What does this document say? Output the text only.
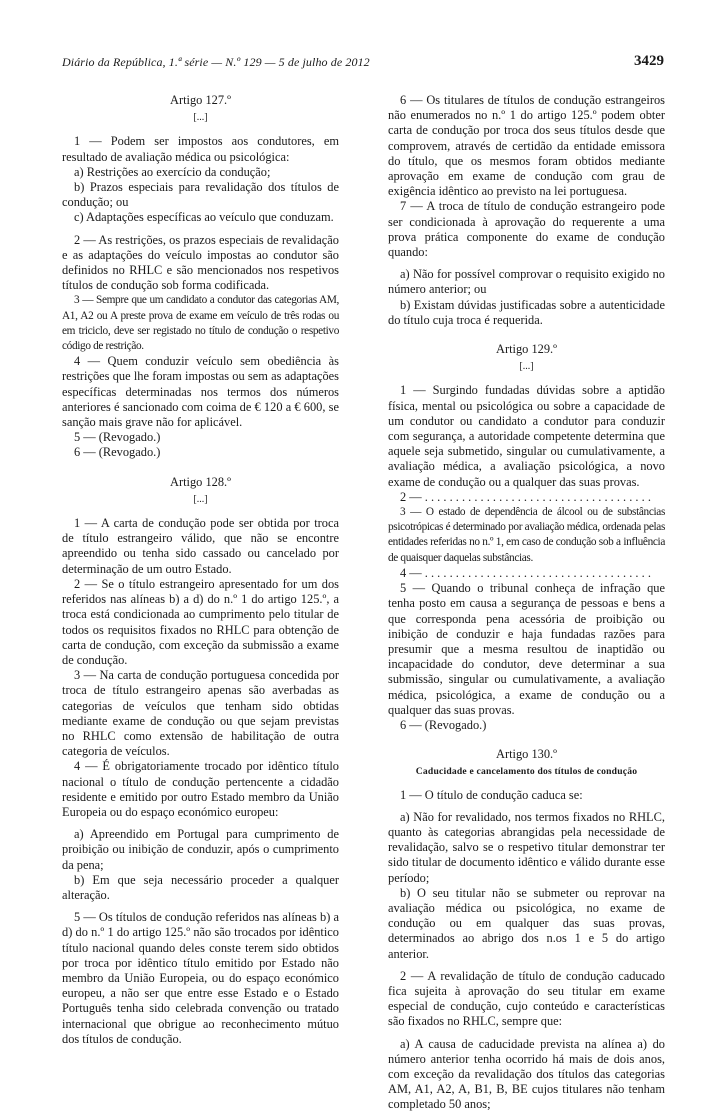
Diário da República, 1.ª série — N.º 129 — 5 de julho de 2012	3429
Artigo 127.º
[...]

1 — Podem ser impostos aos condutores, em resultado de avaliação médica ou psicológica:

a) Restrições ao exercício da condução;

b) Prazos especiais para revalidação dos títulos de condução; ou

c) Adaptações específicas ao veículo que conduzam.

2 — As restrições, os prazos especiais de revalidação e as adaptações do veículo impostas ao condutor são definidos no RHLC e são mencionados nos respetivos títulos de condução sob forma codificada.

3 — Sempre que um candidato a condutor das categorias AM, A1, A2 ou A preste prova de exame em veículo de três rodas ou em triciclo, deve ser registado no título de condução o respetivo código de restrição.

4 — Quem conduzir veículo sem obediência às restrições que lhe foram impostas ou sem as adaptações específicas determinadas nos termos dos números anteriores é sancionado com coima de € 120 a € 600, se sanção mais grave não for aplicável.

5 — (Revogado.)

6 — (Revogado.)

Artigo 128.º
[...]

1 — A carta de condução pode ser obtida por troca de título estrangeiro válido, que não se encontre apreendido ou tenha sido cassado ou cancelado por determinação de um outro Estado.

2 — Se o título estrangeiro apresentado for um dos referidos nas alíneas b) a d) do n.º 1 do artigo 125.º, a troca está condicionada ao cumprimento pelo titular de todos os requisitos fixados no RHLC para obtenção de carta de condução, com exceção da submissão a exame de condução.

3 — Na carta de condução portuguesa concedida por troca de título estrangeiro apenas são averbadas as categorias de veículos que tenham sido obtidas mediante exame de condução ou que sejam previstas no RHLC como extensão de habilitação de outra categoria de veículos.

4 — É obrigatoriamente trocado por idêntico título nacional o título de condução pertencente a cidadão residente e emitido por outro Estado membro da União Europeia ou do espaço económico europeu:

a) Apreendido em Portugal para cumprimento de proibição ou inibição de conduzir, após o cumprimento da pena;

b) Em que seja necessário proceder a qualquer alteração.

5 — Os títulos de condução referidos nas alíneas b) a d) do n.º 1 do artigo 125.º não são trocados por idêntico título nacional quando deles conste terem sido obtidos por troca por idêntico título emitido por Estado não membro da União Europeia, ou do espaço económico europeu, a não ser que entre esse Estado e o Estado Português tenha sido celebrada convenção ou tratado internacional que obrigue ao reconhecimento mútuo dos títulos de condução.

6 — Os titulares de títulos de condução estrangeiros não enumerados no n.º 1 do artigo 125.º podem obter carta de condução por troca dos seus títulos desde que comprovem, através de certidão da entidade emissora do título, que os mesmos foram obtidos mediante aprovação em exame de condução com grau de exigência idêntico ao previsto na lei portuguesa.

7 — A troca de título de condução estrangeiro pode ser condicionada à aprovação do requerente a uma prova prática componente do exame de condução quando:

a) Não for possível comprovar o requisito exigido no número anterior; ou

b) Existam dúvidas justificadas sobre a autenticidade do título cuja troca é requerida.

Artigo 129.º
[...]

1 — Surgindo fundadas dúvidas sobre a aptidão física, mental ou psicológica ou sobre a capacidade de um condutor ou candidato a condutor para conduzir com segurança, a autoridade competente determina que aquele seja submetido, singular ou cumulativamente, a avaliação médica, a avaliação psicológica, a novo exame de condução ou a qualquer das suas provas.

2 — . . . . . . . . . . . . . . . . . . . . . . . . . . . . . . . . . . . . .

3 — O estado de dependência de álcool ou de substâncias psicotrópicas é determinado por avaliação médica, ordenada pelas entidades referidas no n.º 1, em caso de condução sob a influência de quaisquer daquelas substâncias.

4 — . . . . . . . . . . . . . . . . . . . . . . . . . . . . . . . . . . . . .

5 — Quando o tribunal conheça de infração que tenha posto em causa a segurança de pessoas e bens a que corresponda pena acessória de proibição ou inibição de conduzir e haja fundadas razões para presumir que a mesma resultou de inaptidão ou incapacidade do condutor, deve determinar a sua submissão, singular ou cumulativamente, a avaliação médica, psicológica, a exame de condução ou a qualquer das suas provas.

6 — (Revogado.)

Artigo 130.º
Caducidade e cancelamento dos títulos de condução

1 — O título de condução caduca se:

a) Não for revalidado, nos termos fixados no RHLC, quanto às categorias abrangidas pela necessidade de revalidação, salvo se o respetivo titular demonstrar ter sido titular de documento idêntico e válido durante esse período;

b) O seu titular não se submeter ou reprovar na avaliação médica ou psicológica, no exame de condução ou em qualquer das suas provas, determinados ao abrigo dos n.os 1 e 5 do artigo anterior.

2 — A revalidação de título de condução caducado fica sujeita à aprovação do seu titular em exame especial de condução, cujo conteúdo e características são fixados no RHLC, sempre que:

a) A causa de caducidade prevista na alínea a) do número anterior tenha ocorrido há mais de dois anos, com exceção da revalidação dos títulos das categorias AM, A1, A2, A, B1, B, BE cujos titulares não tenham completado 50 anos;
